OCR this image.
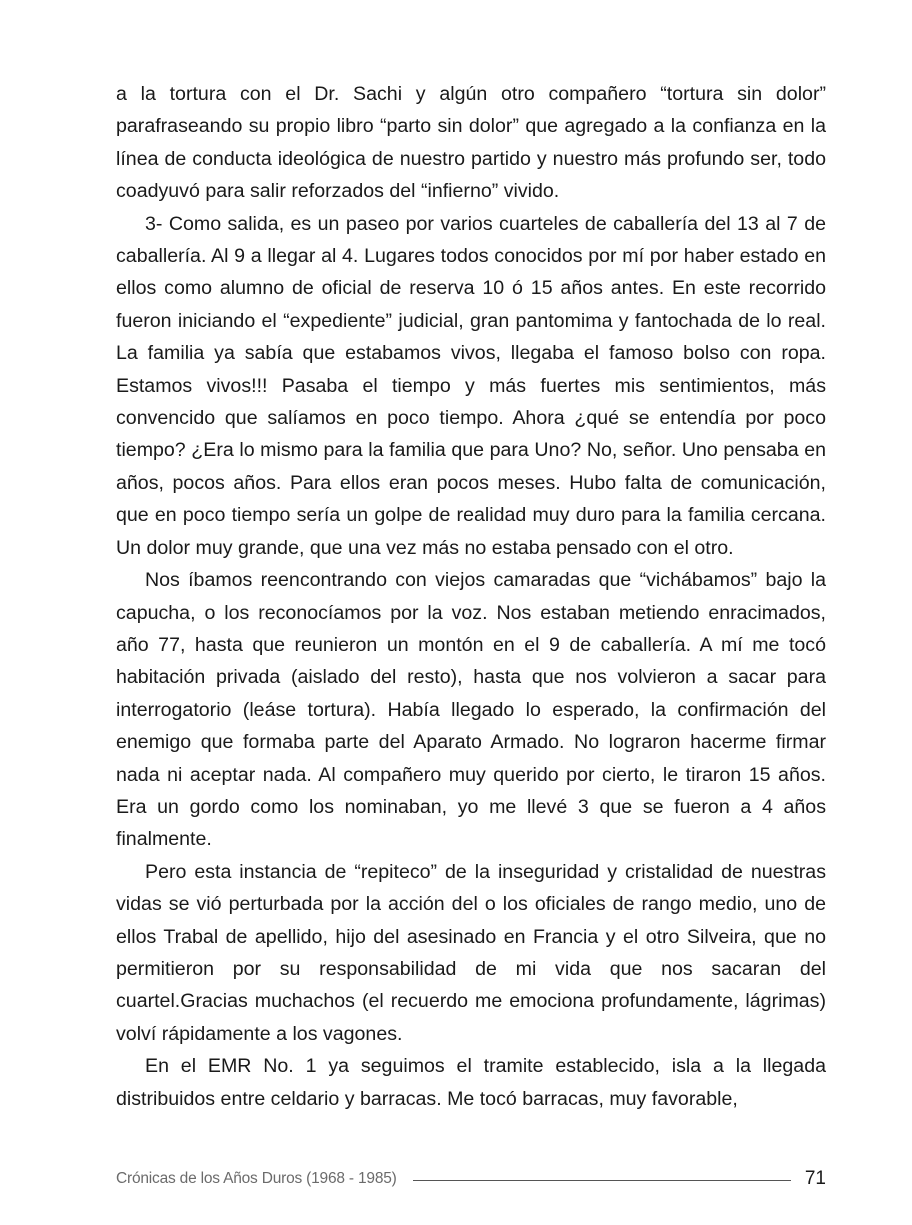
a la tortura con el Dr. Sachi y algún otro compañero “tortura sin dolor” parafraseando su propio libro “parto sin dolor” que agregado a la confianza en la línea de conducta ideológica de nuestro partido y nuestro más profundo ser, todo coadyuvó para salir reforzados del “infierno” vivido.

3- Como salida, es un paseo por varios cuarteles de caballería del 13 al 7 de caballería. Al 9 a llegar al 4. Lugares todos conocidos por mí por haber estado en ellos como alumno de oficial de reserva 10 ó 15 años antes. En este recorrido fueron iniciando el “expediente” judicial, gran pantomima y fantochada de lo real. La familia ya sabía que estabamos vivos, llegaba el famoso bolso con ropa. Estamos vivos!!! Pasaba el tiempo y más fuertes mis sentimientos, más convencido que salíamos en poco tiempo. Ahora ¿qué se entendía por poco tiempo? ¿Era lo mismo para la familia que para Uno? No, señor. Uno pensaba en años, pocos años. Para ellos eran pocos meses. Hubo falta de comunicación, que en poco tiempo sería un golpe de realidad muy duro para la familia cercana. Un dolor muy grande, que una vez más no estaba pensado con el otro.

Nos íbamos reencontrando con viejos camaradas que “vichábamos” bajo la capucha, o los reconocíamos por la voz. Nos estaban metiendo enracimados, año 77, hasta que reunieron un montón en el 9 de caballería. A mí me tocó habitación privada (aislado del resto), hasta que nos volvieron a sacar para interrogatorio (leáse tortura). Había llegado lo esperado, la confirmación del enemigo que formaba parte del Aparato Armado. No lograron hacerme firmar nada ni aceptar nada. Al compañero muy querido por cierto, le tiraron 15 años. Era un gordo como los nominaban, yo me llevé 3 que se fueron a 4 años finalmente.

Pero esta instancia de “repiteco” de la inseguridad y cristalidad de nuestras vidas se vió perturbada por la acción del o los oficiales de rango medio, uno de ellos Trabal de apellido, hijo del asesinado en Francia y el otro Silveira, que no permitieron por su responsabilidad de mi vida que nos sacaran del cuartel.Gracias muchachos (el recuerdo me emociona profundamente, lágrimas) volví rápidamente a los vagones.

En el EMR No. 1 ya seguimos el tramite establecido, isla a la llegada distribuidos entre celdario y barracas. Me tocó barracas, muy favorable,

Crónicas de los Años Duros (1968 - 1985)	71
